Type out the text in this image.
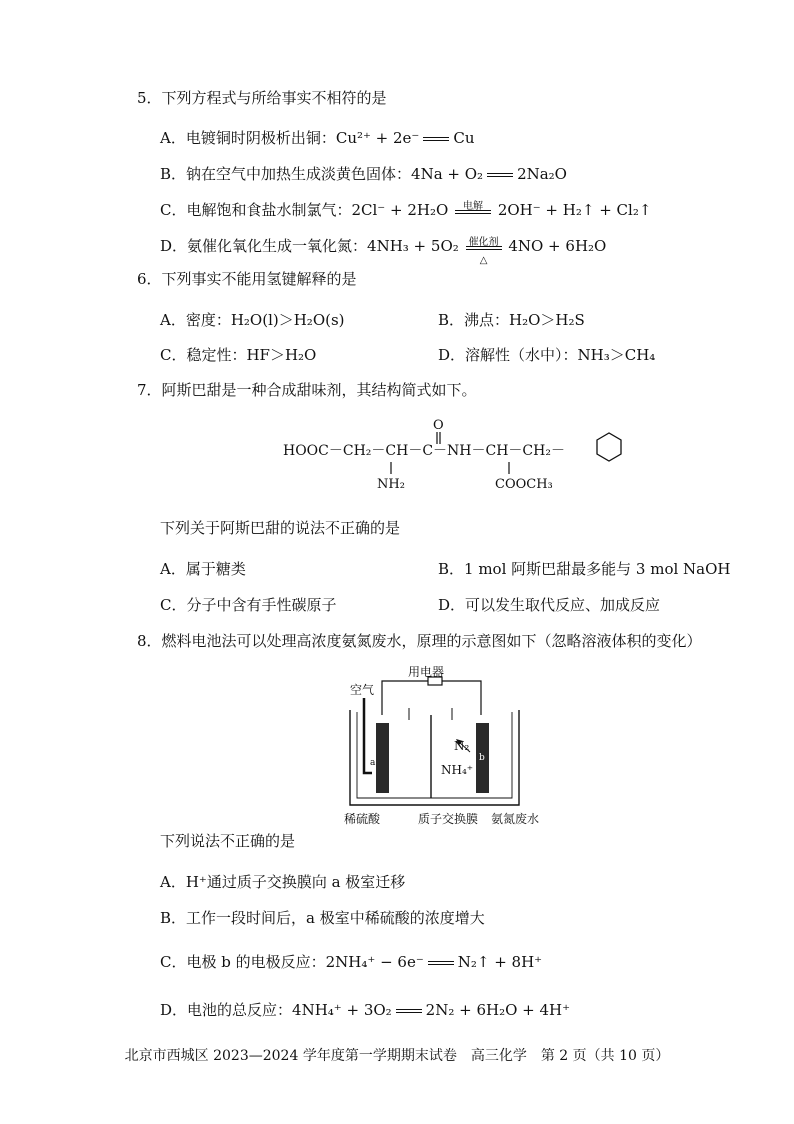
5．下列方程式与所给事实不相符的是
A．电镀铜时阴极析出铜：Cu²⁺ + 2e⁻ Cu
B．钠在空气中加热生成淡黄色固体：4Na + O₂ 2Na₂O
C．电解饱和食盐水制氯气：2Cl⁻ + 2H₂O	电解 2OH⁻ + H₂↑ + Cl₂↑
D．氨催化氧化生成一氧化氮：4NH₃ + 5O₂ 催化剂
△
4NO + 6H₂O
6．下列事实不能用氢键解释的是
A．密度：H₂O(l)＞H₂O(s)	B．沸点：H₂O＞H₂S
C．稳定性：HF＞H₂O	D．溶解性（水中）：NH₃＞CH₄
7．阿斯巴甜是一种合成甜味剂，其结构简式如下。
O
HOOC－CH₂－CH－C－NH－CH－CH₂－
NH₂	COOCH₃
下列关于阿斯巴甜的说法不正确的是
A．属于糖类	B．1 mol 阿斯巴甜最多能与 3 mol NaOH
C．分子中含有手性碳原子	D．可以发生取代反应、加成反应
8．燃料电池法可以处理高浓度氨氮废水，原理的示意图如下（忽略溶液体积的变化）
用电器
空气
a	b
N₂
NH₄⁺
稀硫酸	质子交换膜 氨氮废水
下列说法不正确的是
A．H⁺通过质子交换膜向 a 极室迁移
B．工作一段时间后，a 极室中稀硫酸的浓度增大
C．电极 b 的电极反应：2NH₄⁺ − 6e⁻ N₂↑ + 8H⁺
D．电池的总反应：4NH₄⁺ + 3O₂ 2N₂ + 6H₂O + 4H⁺
北京市西城区 2023—2024 学年度第一学期期末试卷　高三化学　第 2 页（共 10 页）
